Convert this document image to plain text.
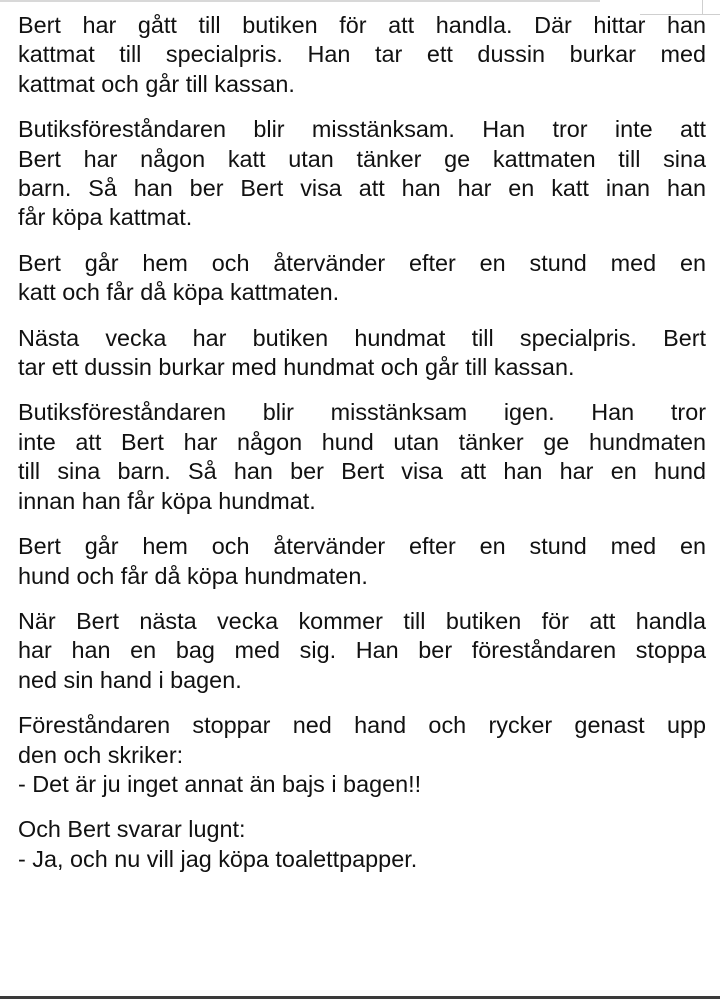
Bert har gått till butiken för att handla. Där hittar han
kattmat till specialpris. Han tar ett dussin burkar med
kattmat och går till kassan.

Butiksföreståndaren blir misstänksam. Han tror inte att
Bert har någon katt utan tänker ge kattmaten till sina
barn. Så han ber Bert visa att han har en katt inan han
får köpa kattmat.

Bert går hem och återvänder efter en stund med en
katt och får då köpa kattmaten.

Nästa vecka har butiken hundmat till specialpris. Bert
tar ett dussin burkar med hundmat och går till kassan.

Butiksföreståndaren blir misstänksam igen. Han tror
inte att Bert har någon hund utan tänker ge hundmaten
till sina barn. Så han ber Bert visa att han har en hund
innan han får köpa hundmat.

Bert går hem och återvänder efter en stund med en
hund och får då köpa hundmaten.

När Bert nästa vecka kommer till butiken för att handla
har han en bag med sig. Han ber föreståndaren stoppa
ned sin hand i bagen.

Föreståndaren stoppar ned hand och rycker genast upp
den och skriker:
- Det är ju inget annat än bajs i bagen!!

Och Bert svarar lugnt:
- Ja, och nu vill jag köpa toalettpapper.
